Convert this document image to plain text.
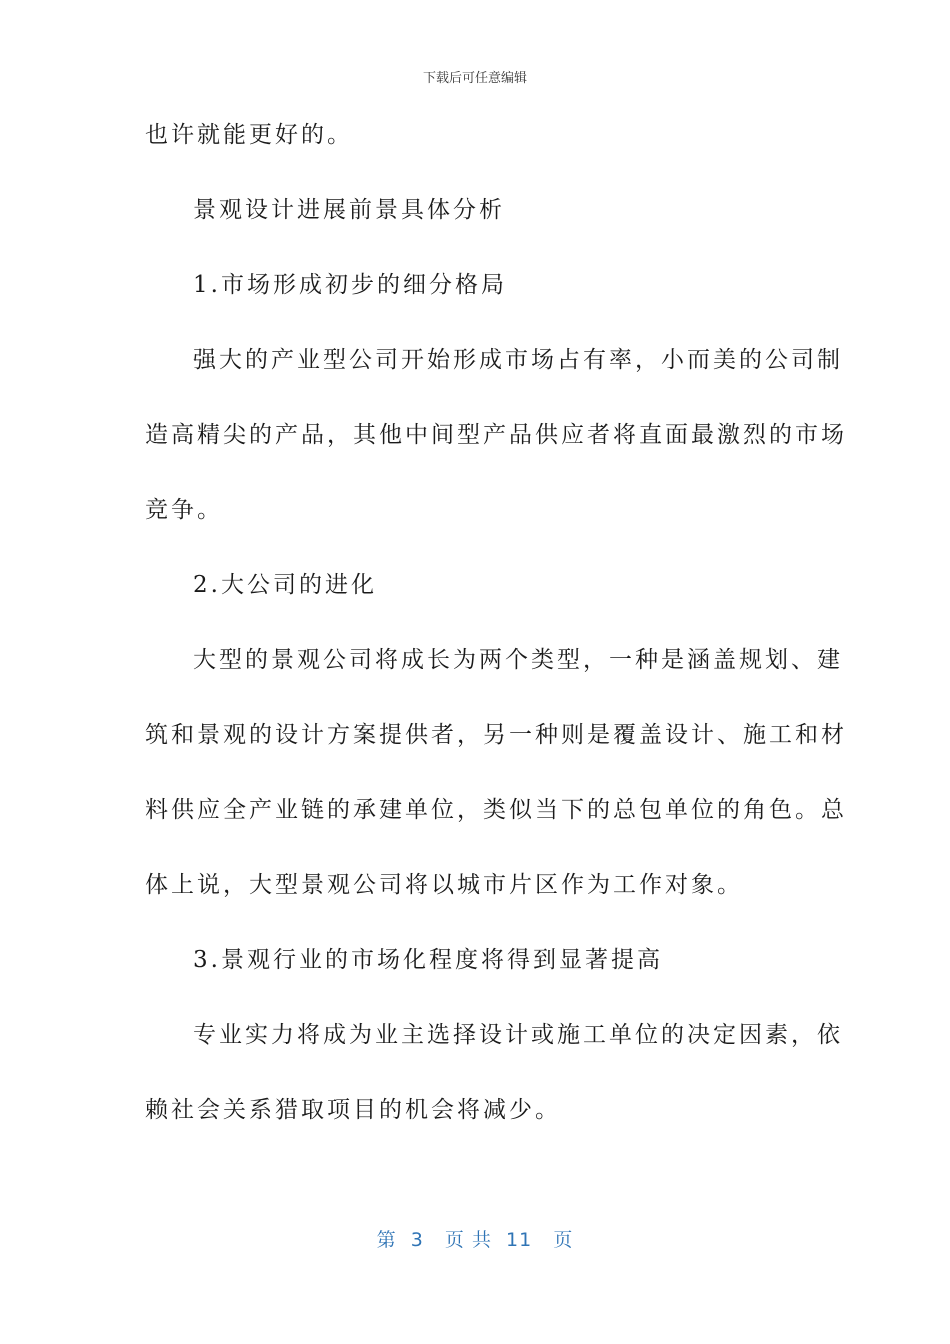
下载后可任意编辑
也许就能更好的。
景观设计进展前景具体分析
1.市场形成初步的细分格局
强大的产业型公司开始形成市场占有率，小而美的公司制
造高精尖的产品，其他中间型产品供应者将直面最激烈的市场
竞争。
2.大公司的进化
大型的景观公司将成长为两个类型，一种是涵盖规划、建
筑和景观的设计方案提供者，另一种则是覆盖设计、施工和材
料供应全产业链的承建单位，类似当下的总包单位的角色。总
体上说，大型景观公司将以城市片区作为工作对象。
3.景观行业的市场化程度将得到显著提高
专业实力将成为业主选择设计或施工单位的决定因素，依
赖社会关系猎取项目的机会将减少。
第  3   页 共  11   页
